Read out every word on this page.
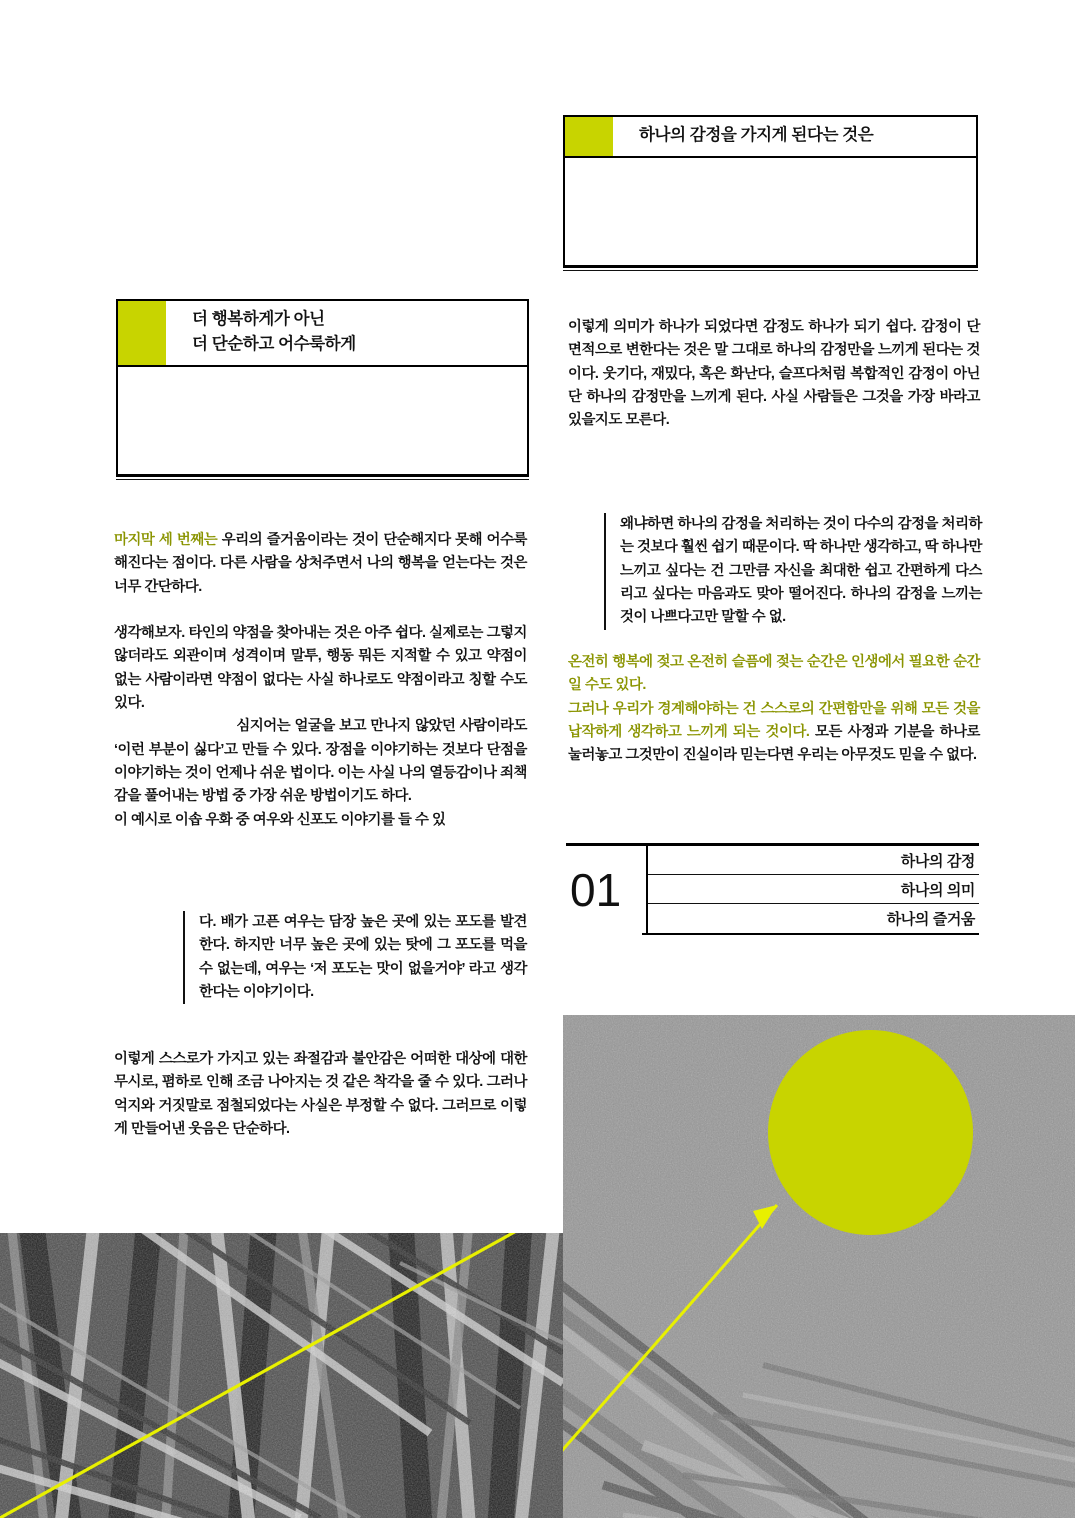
하나의 감정을 가지게 된다는 것은

이렇게 의미가 하나가 되었다면 감정도 하나가 되기 쉽다. 감정이 단면적으로 변한다는 것은 말 그대로 하나의 감정만을 느끼게 된다는 것이다. 웃기다, 재밌다, 혹은 화난다, 슬프다처럼 복합적인 감정이 아닌 단 하나의 감정만을 느끼게 된다. 사실 사람들은 그것을 가장 바라고 있을지도 모른다.

왜냐하면 하나의 감정을 처리하는 것이 다수의 감정을 처리하는 것보다 훨씬 쉽기 때문이다. 딱 하나만 생각하고, 딱 하나만 느끼고 싶다는 건 그만큼 자신을 최대한 쉽고 간편하게 다스리고 싶다는 마음과도 맞아 떨어진다. 하나의 감정을 느끼는 것이 나쁘다고만 말할 수 없.

온전히 행복에 젖고 온전히 슬픔에 젖는 순간은 인생에서 필요한 순간일 수도 있다.

그러나 우리가 경계해야하는 건 스스로의 간편함만을 위해 모든 것을 납작하게 생각하고 느끼게 되는 것이다. 모든 사정과 기분을 하나로 눌러놓고 그것만이 진실이라 믿는다면 우리는 아무것도 믿을 수 없다.

01
하나의 감정
하나의 의미
하나의 즐거움
더 행복하게가 아닌
더 단순하고 어수룩하게

마지막 세 번째는 우리의 즐거움이라는 것이 단순해지다 못해 어수룩해진다는 점이다. 다른 사람을 상처주면서 나의 행복을 얻는다는 것은 너무 간단하다.

생각해보자. 타인의 약점을 찾아내는 것은 아주 쉽다. 실제로는 그렇지 않더라도 외관이며 성격이며 말투, 행동 뭐든 지적할 수 있고 약점이 없는 사람이라면 약점이 없다는 사실 하나로도 약점이라고 칭할 수도 있다.

심지어는 얼굴을 보고 만나지 않았던 사람이라도 ‘이런 부분이 싫다’고 만들 수 있다. 장점을 이야기하는 것보다 단점을 이야기하는 것이 언제나 쉬운 법이다. 이는 사실 나의 열등감이나 죄책감을 풀어내는 방법 중 가장 쉬운 방법이기도 하다.

이 예시로 이솝 우화 중 여우와 신포도 이야기를 들 수 있

다. 배가 고픈 여우는 담장 높은 곳에 있는 포도를 발견한다. 하지만 너무 높은 곳에 있는 탓에 그 포도를 먹을 수 없는데, 여우는 ‘저 포도는 맛이 없을거야’ 라고 생각한다는 이야기이다.

이렇게 스스로가 가지고 있는 좌절감과 불안감은 어떠한 대상에 대한 무시로, 폄하로 인해 조금 나아지는 것 같은 착각을 줄 수 있다. 그러나 억지와 거짓말로 점철되었다는 사실은 부정할 수 없다. 그러므로 이렇게 만들어낸 웃음은 단순하다.
